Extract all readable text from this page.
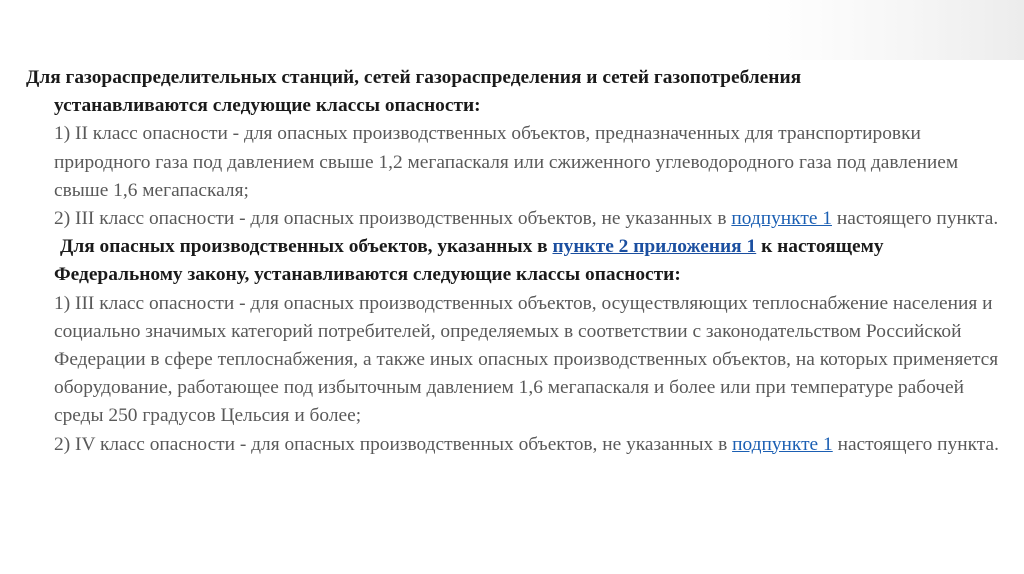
Для газораспределительных станций, сетей газораспределения и сетей газопотребления
устанавливаются следующие классы опасности:

1) II класс опасности - для опасных производственных объектов, предназначенных для транспортировки природного газа под давлением свыше 1,2 мегапаскаля или сжиженного углеводородного газа под давлением свыше 1,6 мегапаскаля;

2) III класс опасности - для опасных производственных объектов, не указанных в подпункте 1 настоящего пункта.

Для опасных производственных объектов, указанных в пункте 2 приложения 1 к настоящему Федеральному закону, устанавливаются следующие классы опасности:

1) III класс опасности - для опасных производственных объектов, осуществляющих теплоснабжение населения и социально значимых категорий потребителей, определяемых в соответствии с законодательством Российской Федерации в сфере теплоснабжения, а также иных опасных производственных объектов, на которых применяется оборудование, работающее под избыточным давлением 1,6 мегапаскаля и более или при температуре рабочей среды 250 градусов Цельсия и более;

2) IV класс опасности - для опасных производственных объектов, не указанных в подпункте 1 настоящего пункта.
